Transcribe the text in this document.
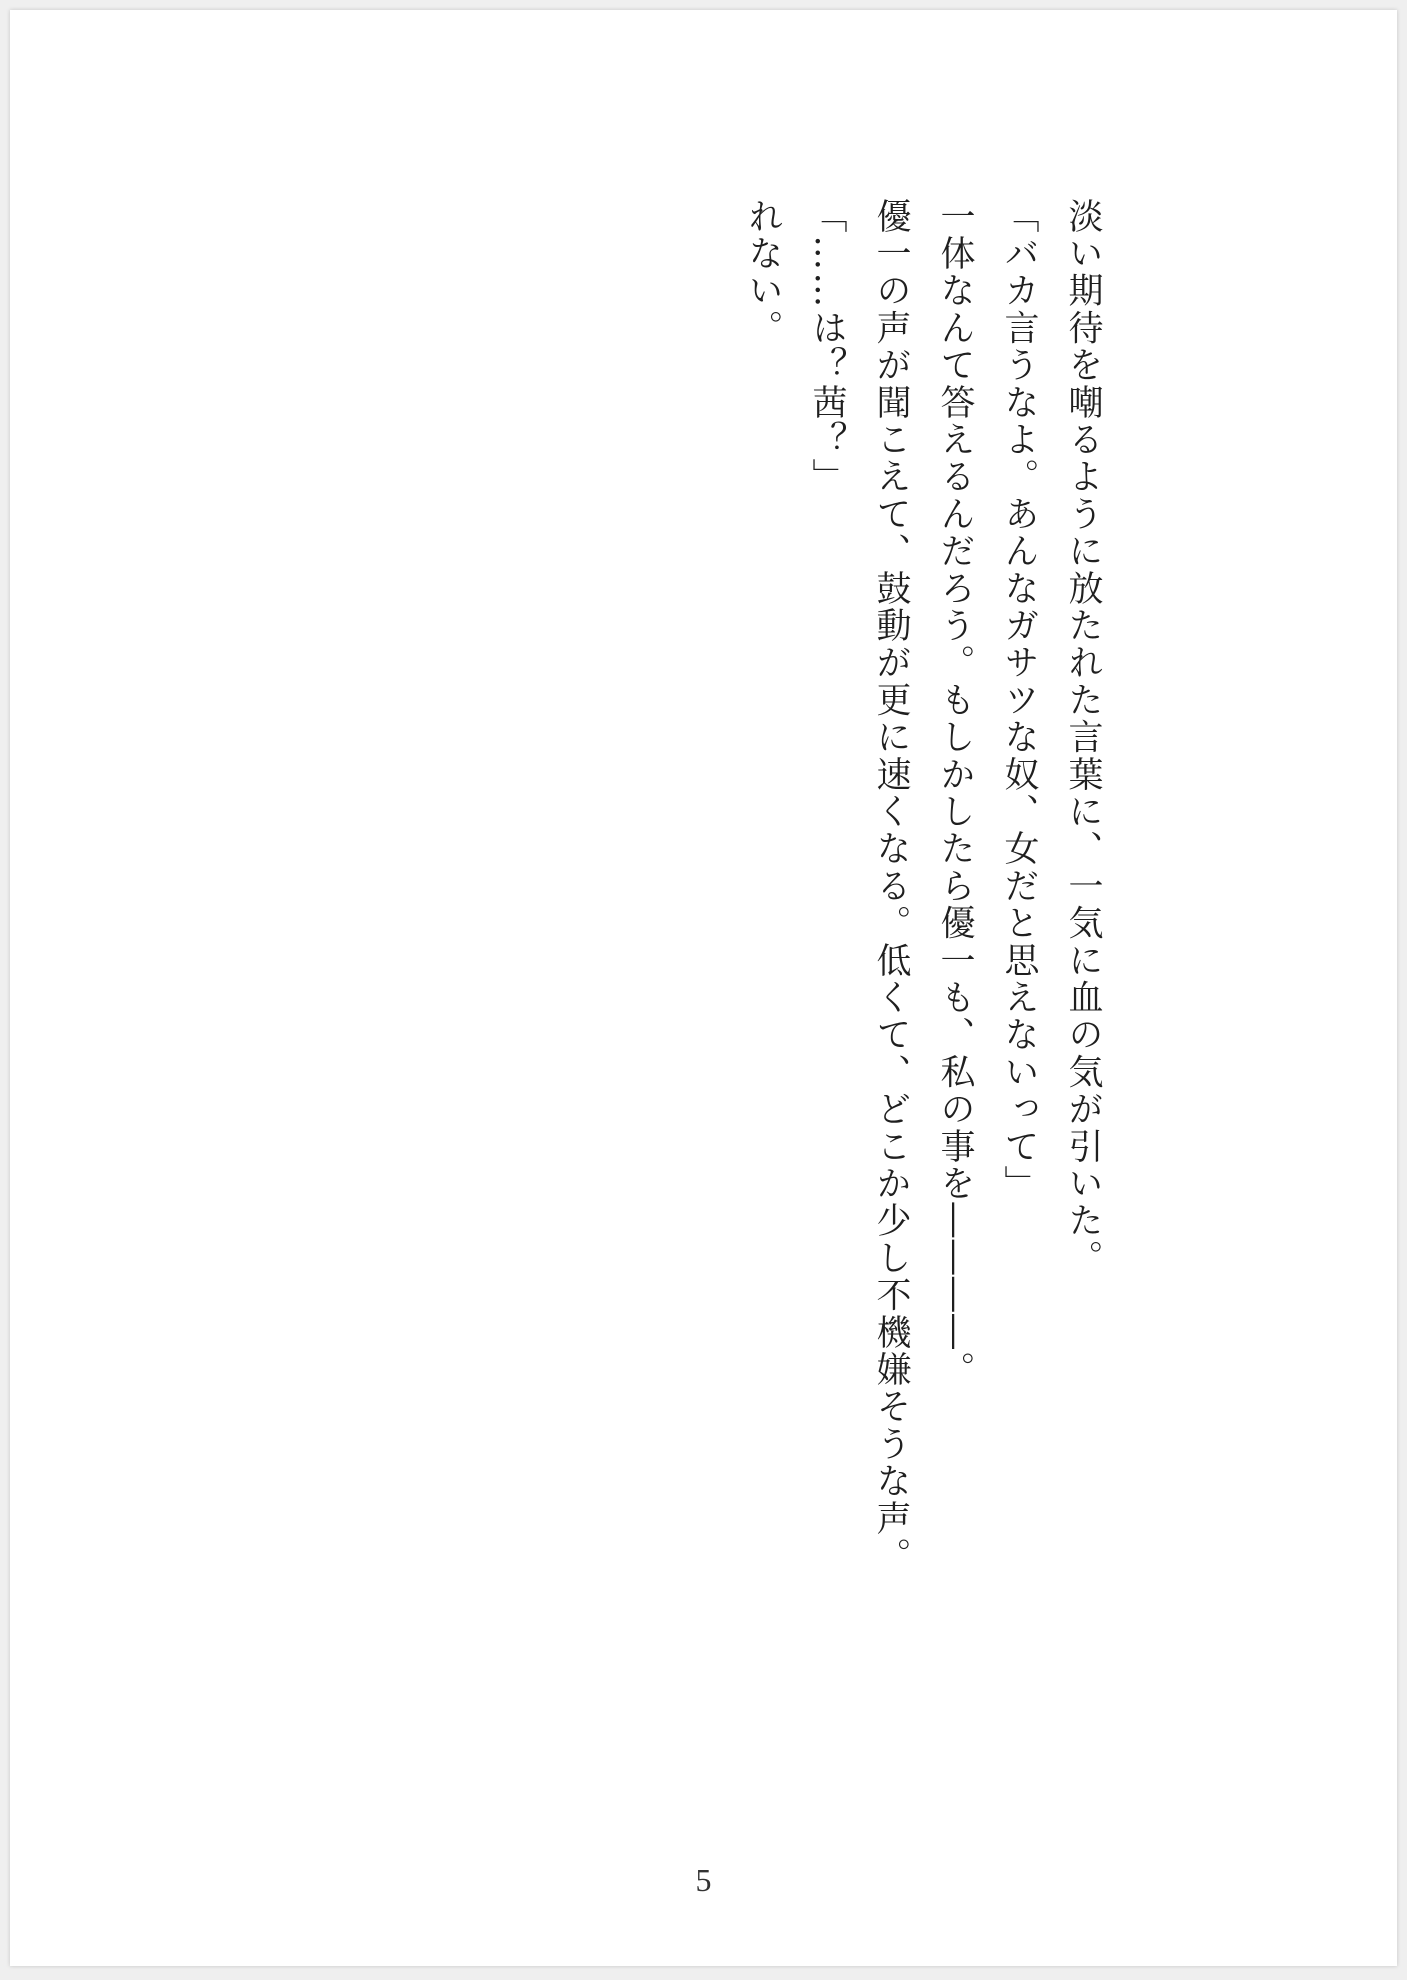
淡い期待を嘲るように放たれた言葉に、一気に血の気が引いた。

「バカ言うなよ。あんなガサツな奴、女だと思えないって」

一体なんて答えるんだろう。もしかしたら優一も、私の事を――――。

優一の声が聞こえて、鼓動が更に速くなる。低くて、どこか少し不機嫌そうな声。

「……は？茜？」

れない。

5
